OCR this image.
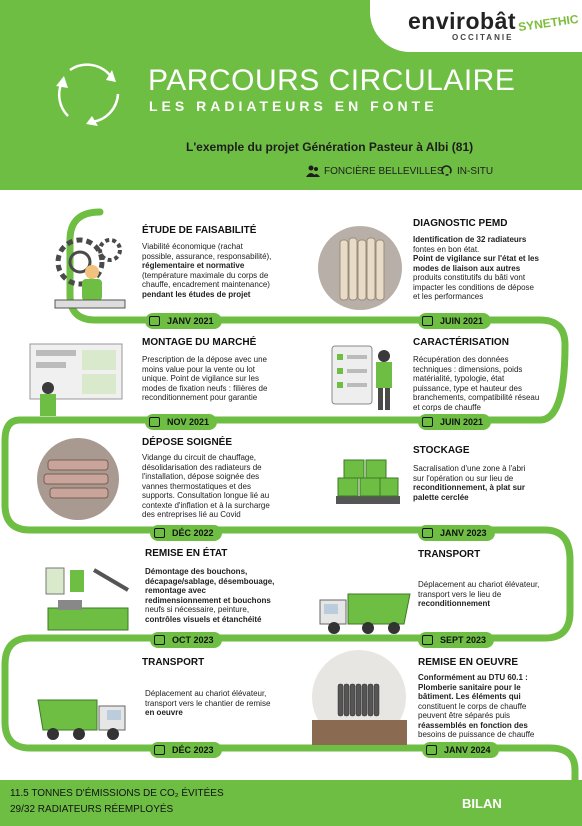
envirobât
OCCITANIE
SYNETHIC
PARCOURS CIRCULAIRE
LES RADIATEURS EN FONTE
L'exemple du projet Génération Pasteur à Albi (81)
FONCIÈRE BELLEVILLES IN-SITU
ÉTUDE DE FAISABILITÉ
Viabilité économique (rachat
possible, assurance, responsabilité),
réglementaire et normative
(température maximale du corps de
chauffe, encadrement maintenance)
pendant les études de projet
JANV 2021
DIAGNOSTIC PEMD
Identification de 32 radiateurs
fontes en bon état.
Point de vigilance sur l'état et les
modes de liaison aux autres
produits constitutifs du bâti vont
impacter les conditions de dépose
et les performances
JUIN 2021
MONTAGE DU MARCHÉ
Prescription de la dépose avec une
moins value pour la vente ou lot
unique. Point de vigilance sur les
modes de fixation neufs : filières de
reconditionnement pour garantie
NOV 2021
CARACTÉRISATION
Récupération des données
techniques : dimensions, poids
matérialité, typologie, état
puissance, type et hauteur des
branchements, compatibilité réseau
et corps de chauffe
JUIN 2021
DÉPOSE SOIGNÉE
Vidange du circuit de chauffage,
désolidarisation des radiateurs de
l'installation, dépose soignée des
vannes thermostatiques et des
supports. Consultation longue lié au
contexte d'inflation et à la surcharge
des entreprises lié au Covid
DÉC 2022
STOCKAGE
Sacralisation d'une zone à l'abri
sur l'opération ou sur lieu de
reconditionnement, à plat sur
palette cerclée
JANV 2023
REMISE EN ÉTAT
Démontage des bouchons,
décapage/sablage, désembouage,
remontage avec
redimensionnement et bouchons
neufs si nécessaire, peinture,
contrôles visuels et étanchéité
OCT 2023
TRANSPORT
Déplacement au chariot élévateur,
transport vers le lieu de
reconditionnement
SEPT 2023
TRANSPORT
Déplacement au chariot élévateur,
transport vers le chantier de remise
en oeuvre
DÉC 2023
REMISE EN OEUVRE
Conformément au DTU 60.1 :
Plomberie sanitaire pour le
bâtiment. Les éléments qui
constituent le corps de chauffe
peuvent être séparés puis
réassemblés en fonction des
besoins de puissance de chauffe
JANV 2024
11.5 TONNES D'ÉMISSIONS DE CO₂ ÉVITÉES
29/32 RADIATEURS RÉEMPLOYÉS	BILAN
